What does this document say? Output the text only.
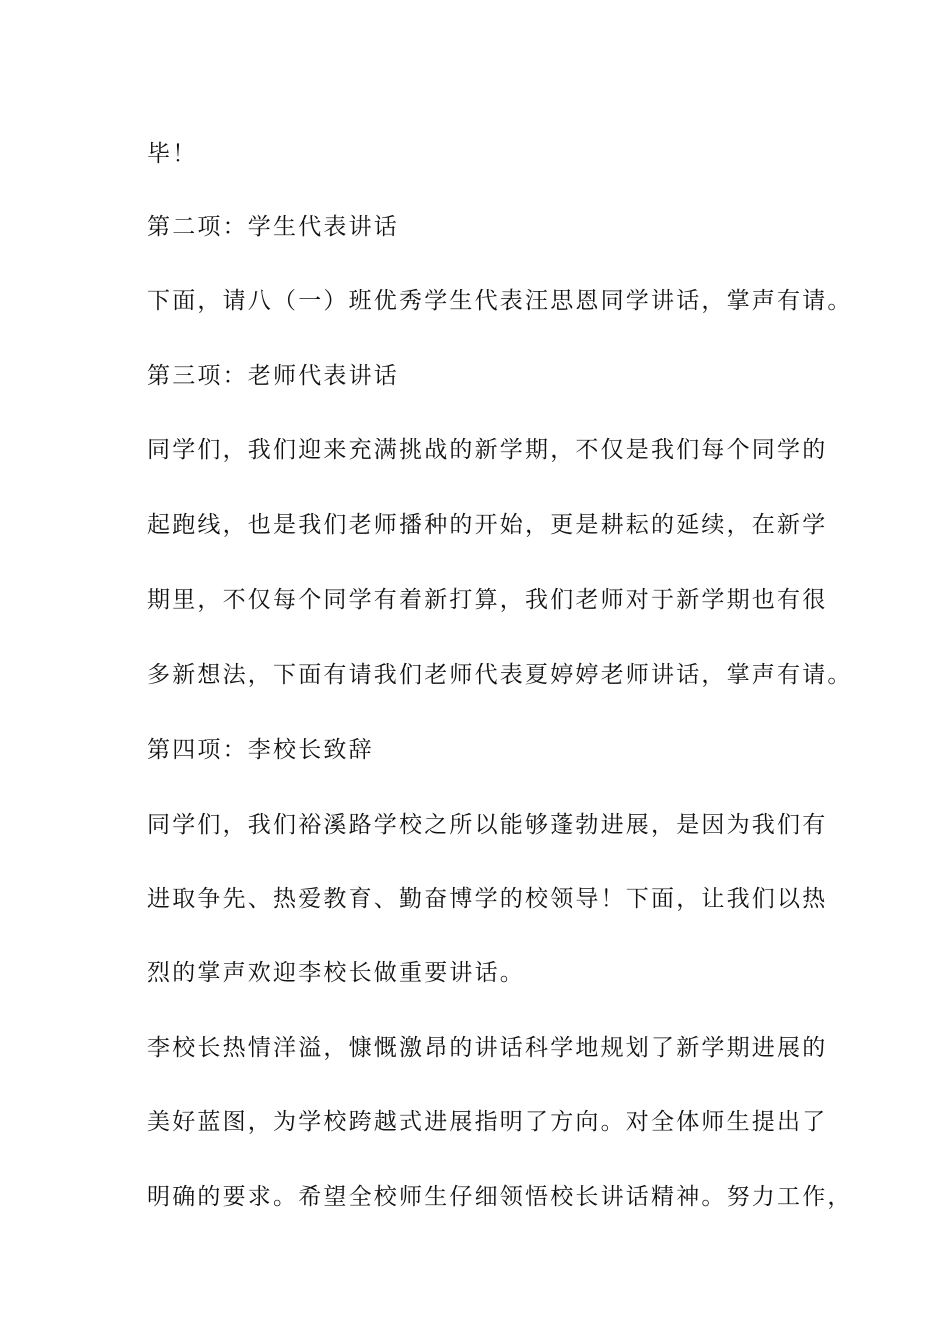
毕！
第二项：学生代表讲话
下面，请八（一）班优秀学生代表汪思恩同学讲话，掌声有请。
第三项：老师代表讲话
同学们，我们迎来充满挑战的新学期，不仅是我们每个同学的
起跑线，也是我们老师播种的开始，更是耕耘的延续，在新学
期里，不仅每个同学有着新打算，我们老师对于新学期也有很
多新想法，下面有请我们老师代表夏婷婷老师讲话，掌声有请。
第四项：李校长致辞
同学们，我们裕溪路学校之所以能够蓬勃进展，是因为我们有
进取争先、热爱教育、勤奋博学的校领导！下面，让我们以热
烈的掌声欢迎李校长做重要讲话。
李校长热情洋溢，慷慨激昂的讲话科学地规划了新学期进展的
美好蓝图，为学校跨越式进展指明了方向。对全体师生提出了
明确的要求。希望全校师生仔细领悟校长讲话精神。努力工作，
